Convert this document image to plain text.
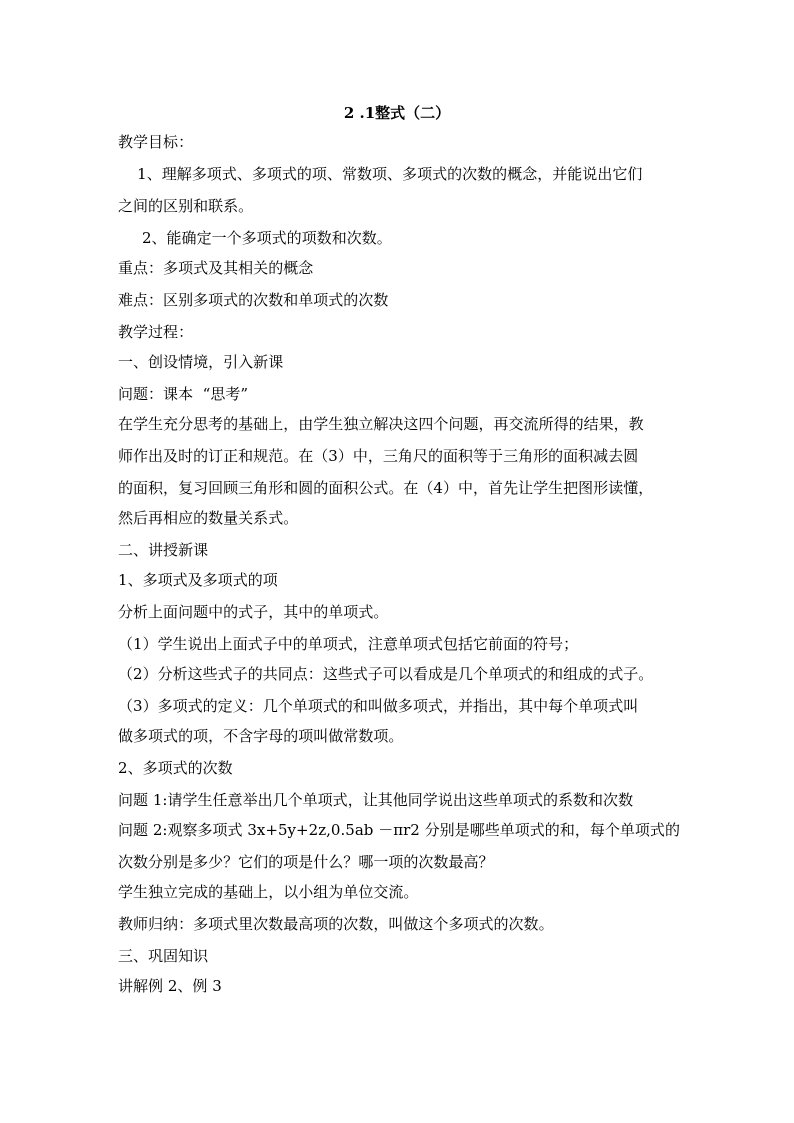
2 .1整式（二）
教学目标：
1、理解多项式、多项式的项、常数项、多项式的次数的概念，并能说出它们
之间的区别和联系。
2、能确定一个多项式的项数和次数。
重点：多项式及其相关的概念
难点：区别多项式的次数和单项式的次数
教学过程：
一、创设情境，引入新课
问题：课本  “思考”
在学生充分思考的基础上，由学生独立解决这四个问题，再交流所得的结果，教
师作出及时的订正和规范。在（3）中，三角尺的面积等于三角形的面积减去圆
的面积，复习回顾三角形和圆的面积公式。在（4）中，首先让学生把图形读懂，
然后再相应的数量关系式。
二、讲授新课
1、多项式及多项式的项
分析上面问题中的式子，其中的单项式。
（1）学生说出上面式子中的单项式，注意单项式包括它前面的符号；
（2）分析这些式子的共同点：这些式子可以看成是几个单项式的和组成的式子。
（3）多项式的定义：几个单项式的和叫做多项式，并指出，其中每个单项式叫
做多项式的项，不含字母的项叫做常数项。
2、多项式的次数
问题 1:请学生任意举出几个单项式，让其他同学说出这些单项式的系数和次数
问题 2:观察多项式 3x+5y+2z,0.5ab －πr2 分别是哪些单项式的和，每个单项式的
次数分别是多少？它们的项是什么？哪一项的次数最高？
学生独立完成的基础上，以小组为单位交流。
教师归纳：多项式里次数最高项的次数，叫做这个多项式的次数。
三、巩固知识
讲解例 2、例 3
